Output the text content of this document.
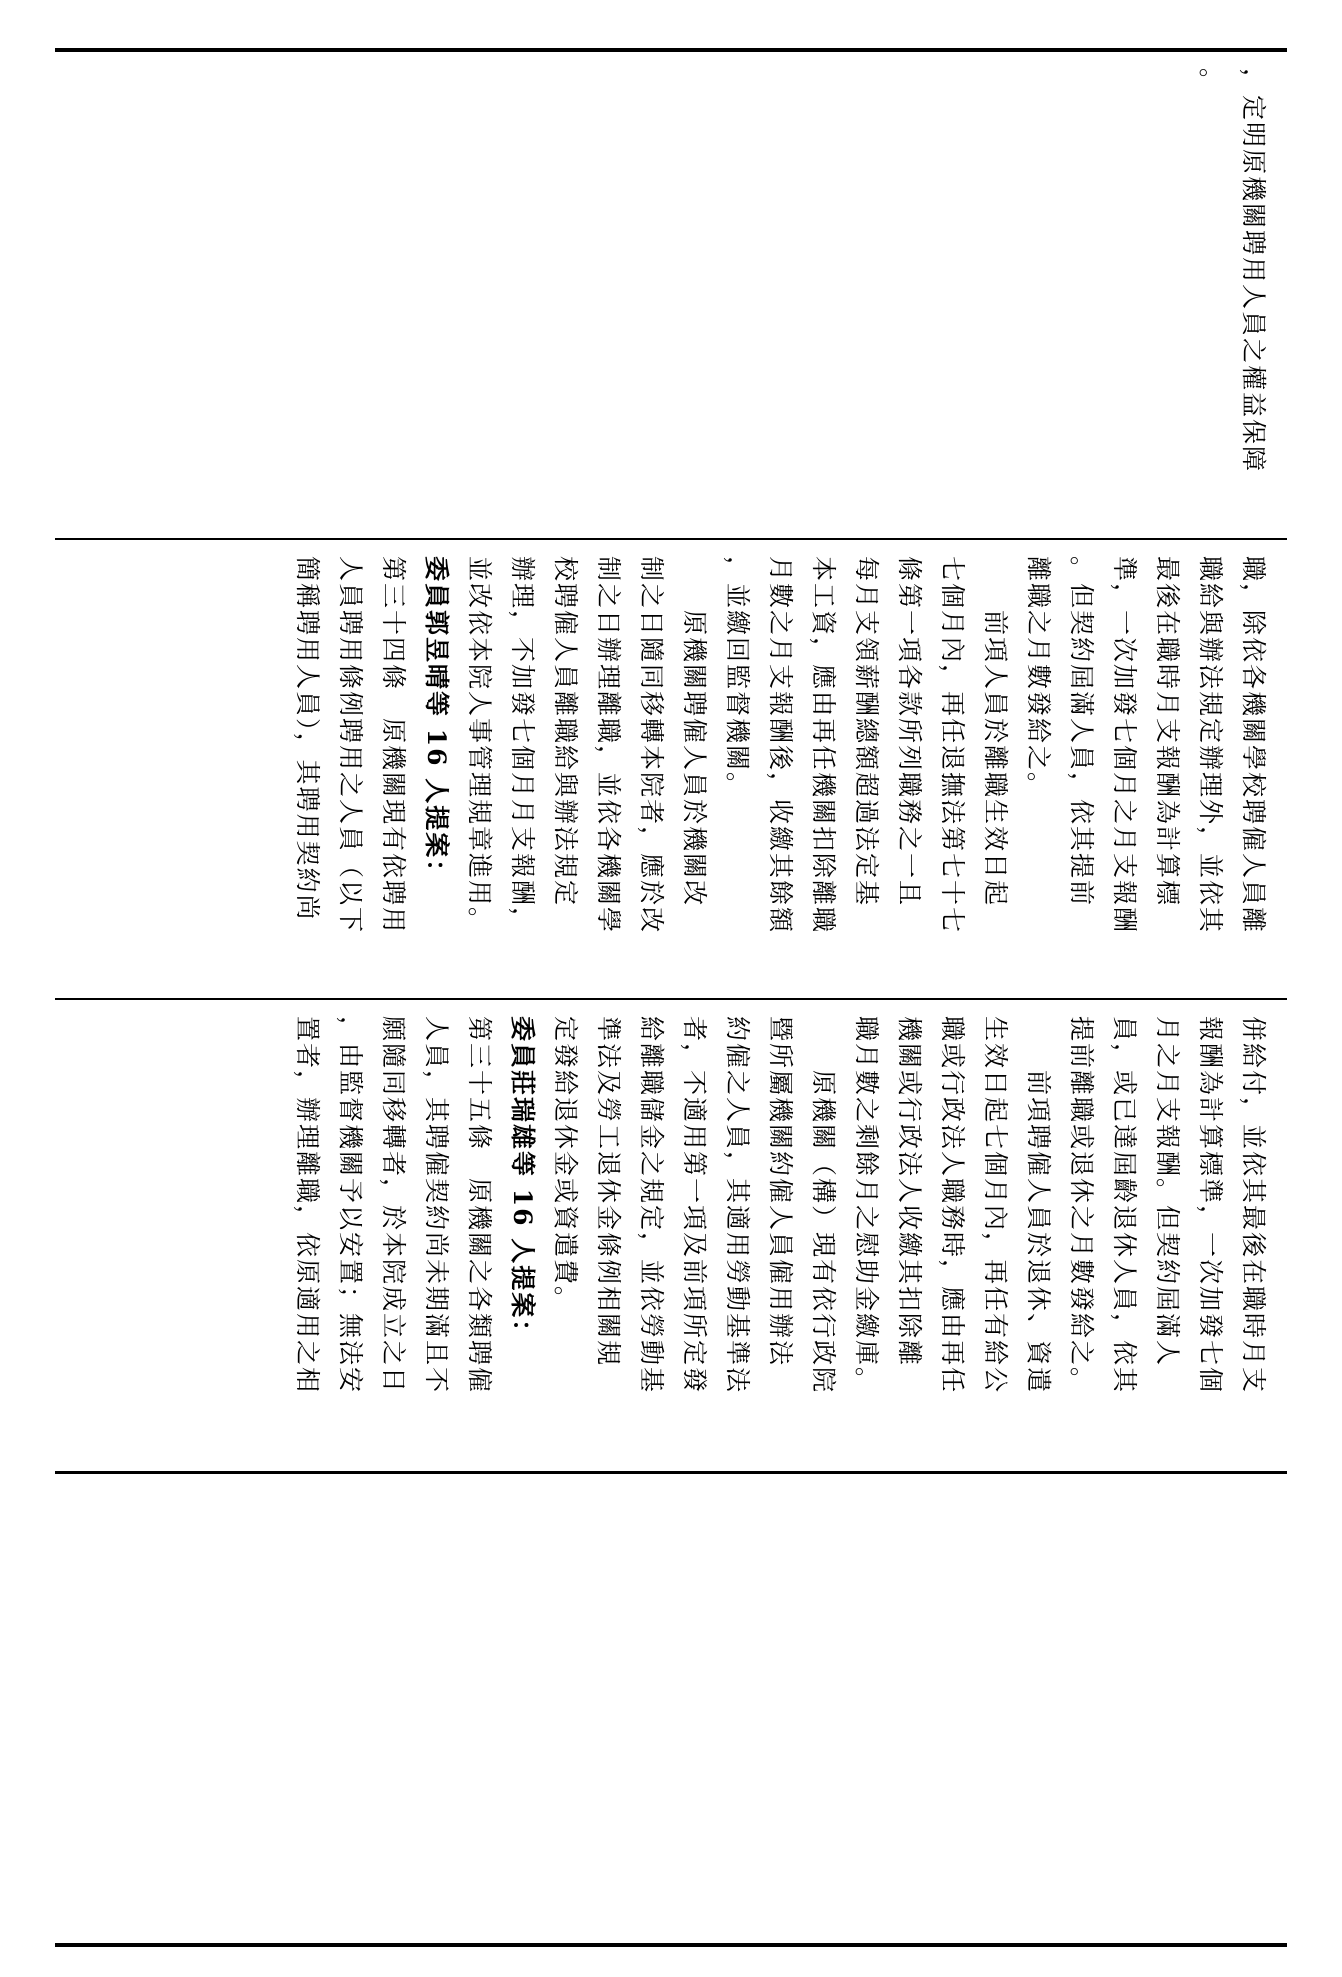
，定明原機關聘用人員之權益保障
。
職，除依各機關學校聘僱人員離
職給與辦法規定辦理外，並依其
最後在職時月支報酬為計算標
準，一次加發七個月之月支報酬
。但契約屆滿人員，依其提前
離職之月數發給之。
　　前項人員於離職生效日起
七個月內，再任退撫法第七十七
條第一項各款所列職務之一且
每月支領薪酬總額超過法定基
本工資，應由再任機關扣除離職
月數之月支報酬後，收繳其餘額
，並繳回監督機關。
　　原機關聘僱人員於機關改
制之日隨同移轉本院者，應於改
制之日辦理離職，並依各機關學
校聘僱人員離職給與辦法規定
辦理，不加發七個月月支報酬，
並改依本院人事管理規章進用。
委員郭昱晴等 16 人提案：
第三十四條　原機關現有依聘用
人員聘用條例聘用之人員（以下
簡稱聘用人員），其聘用契約尚
併給付，並依其最後在職時月支
報酬為計算標準，一次加發七個
月之月支報酬。但契約屆滿人
員，或已達屆齡退休人員，依其
提前離職或退休之月數發給之。
　　前項聘僱人員於退休、資遣
生效日起七個月內，再任有給公
職或行政法人職務時，應由再任
機關或行政法人收繳其扣除離
職月數之剩餘月之慰助金繳庫。
　　原機關（構）現有依行政院
暨所屬機關約僱人員僱用辦法
約僱之人員，其適用勞動基準法
者，不適用第一項及前項所定發
給離職儲金之規定，並依勞動基
準法及勞工退休金條例相關規
定發給退休金或資遣費。
委員莊瑞雄等 16 人提案：
第三十五條　原機關之各類聘僱
人員，其聘僱契約尚未期滿且不
願隨同移轉者，於本院成立之日
，由監督機關予以安置；無法安
置者，辦理離職，依原適用之相
